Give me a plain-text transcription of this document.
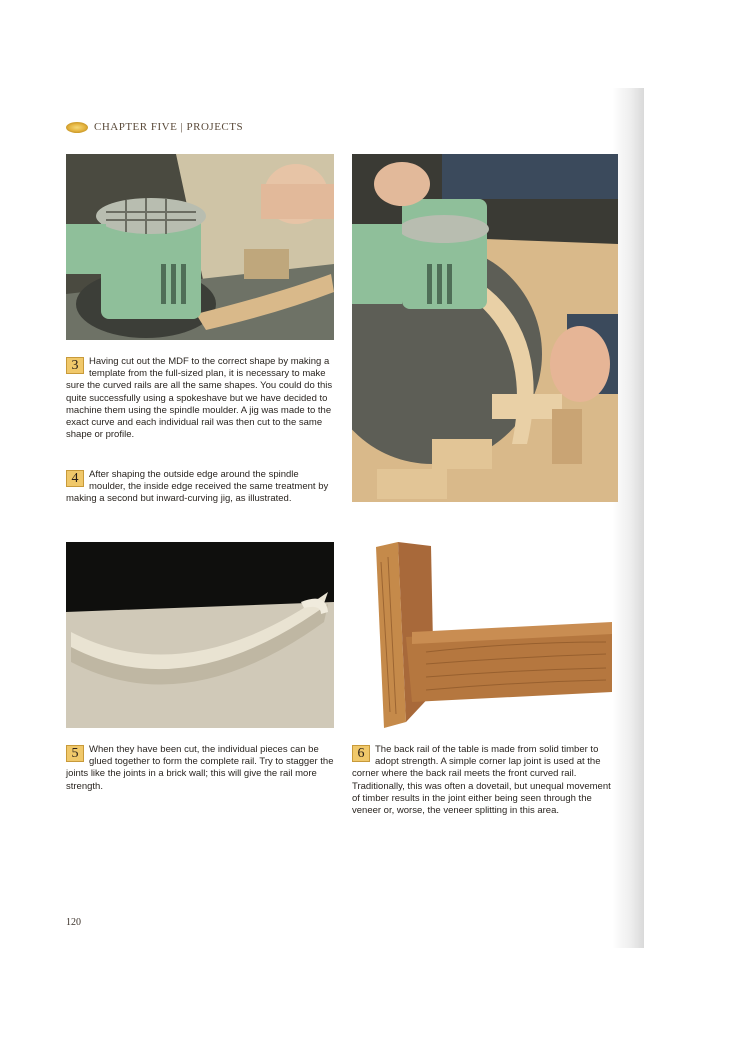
CHAPTER FIVE | PROJECTS
3	Having cut out the MDF to the correct shape by making a template from the full-sized plan, it is necessary to make sure the curved rails are all the same shapes. You could do this quite successfully using a spokeshave but we have decided to machine them using the spindle moulder. A jig was made to the exact curve and each individual rail was then cut to the same shape or profile.
4	After shaping the outside edge around the spindle moulder, the inside edge received the same treatment by making a second but inward-curving jig, as illustrated.
5	When they have been cut, the individual pieces can be glued together to form the complete rail. Try to stagger the joints like the joints in a brick wall; this will give the rail more strength.
6	The back rail of the table is made from solid timber to adopt strength. A simple corner lap joint is used at the corner where the back rail meets the front curved rail. Traditionally, this was often a dovetail, but unequal movement of timber results in the joint either being seen through the veneer or, worse, the veneer splitting in this area.
120
